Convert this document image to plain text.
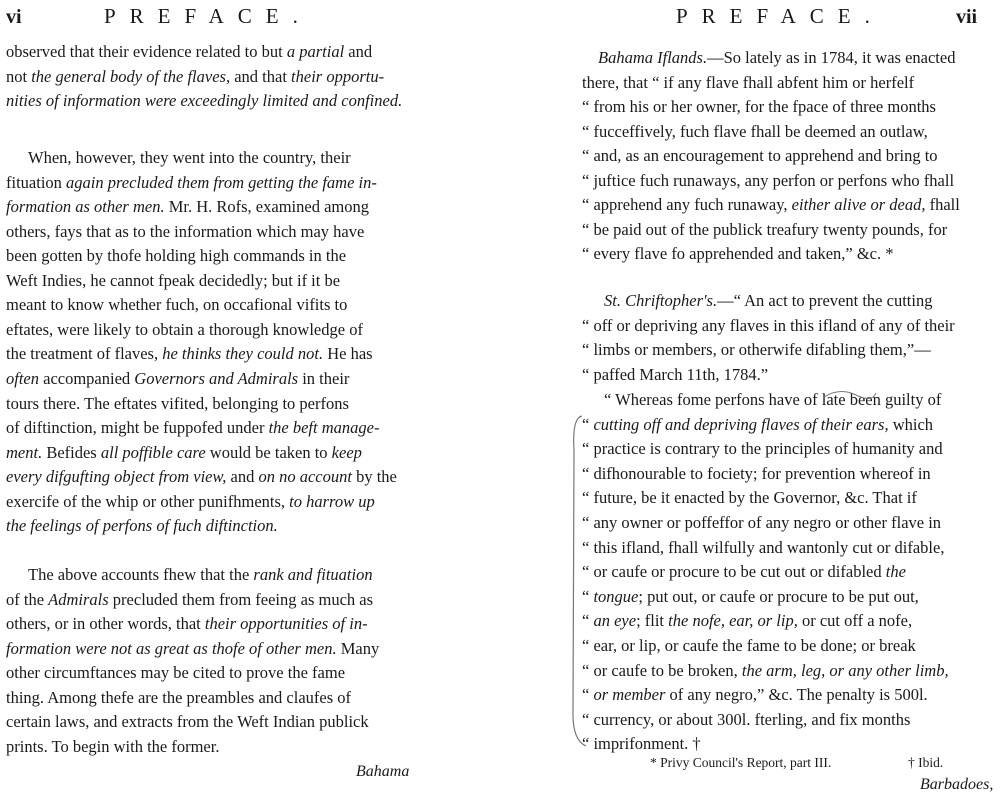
vi	PREFACE.
observed that their evidence related to but a partial and
not the general body of the flaves, and that their opportu-
nities of information were exceedingly limited and confined.
When, however, they went into the country, their
fituation again precluded them from getting the fame in-
formation as other men. Mr. H. Rofs, examined among
others, fays that as to the information which may have
been gotten by thofe holding high commands in the
Weft Indies, he cannot fpeak decidedly; but if it be
meant to know whether fuch, on occafional vifits to
eftates, were likely to obtain a thorough knowledge of
the treatment of flaves, he thinks they could not. He has
often accompanied Governors and Admirals in their
tours there. The eftates vifited, belonging to perfons
of diftinction, might be fuppofed under the beft manage-
ment. Befides all poffible care would be taken to keep
every difgufting object from view, and on no account by the
exercife of the whip or other punifhments, to harrow up
the feelings of perfons of fuch diftinction.
The above accounts fhew that the rank and fituation
of the Admirals precluded them from feeing as much as
others, or in other words, that their opportunities of in-
formation were not as great as thofe of other men. Many
other circumftances may be cited to prove the fame
thing. Among thefe are the preambles and claufes of
certain laws, and extracts from the Weft Indian publick
prints. To begin with the former.
Bahama
PREFACE.	vii
Bahama Iflands.—So lately as in 1784, it was enacted
there, that “ if any flave fhall abfent him or herfelf
“ from his or her owner, for the fpace of three months
“ fucceffively, fuch flave fhall be deemed an outlaw,
“ and, as an encouragement to apprehend and bring to
“ juftice fuch runaways, any perfon or perfons who fhall
“ apprehend any fuch runaway, either alive or dead, fhall
“ be paid out of the publick treafury twenty pounds, for
“ every flave fo apprehended and taken,” &c. *
St. Chriftopher's.—“ An act to prevent the cutting
“ off or depriving any flaves in this ifland of any of their
“ limbs or members, or otherwife difabling them,”—
“ paffed March 11th, 1784.”
“ Whereas fome perfons have of late been guilty of
“ cutting off and depriving flaves of their ears, which
“ practice is contrary to the principles of humanity and
“ difhonourable to fociety; for prevention whereof in
“ future, be it enacted by the Governor, &c. That if
“ any owner or poffeffor of any negro or other flave in
“ this ifland, fhall wilfully and wantonly cut or difable,
“ or caufe or procure to be cut out or difabled the
“ tongue; put out, or caufe or procure to be put out,
“ an eye; flit the nofe, ear, or lip, or cut off a nofe,
“ ear, or lip, or caufe the fame to be done; or break
“ or caufe to be broken, the arm, leg, or any other limb,
“ or member of any negro,” &c. The penalty is 500l.
“ currency, or about 300l. fterling, and fix months
“ imprifonment. †
* Privy Council's Report, part III.	† Ibid.
Barbadoes,
